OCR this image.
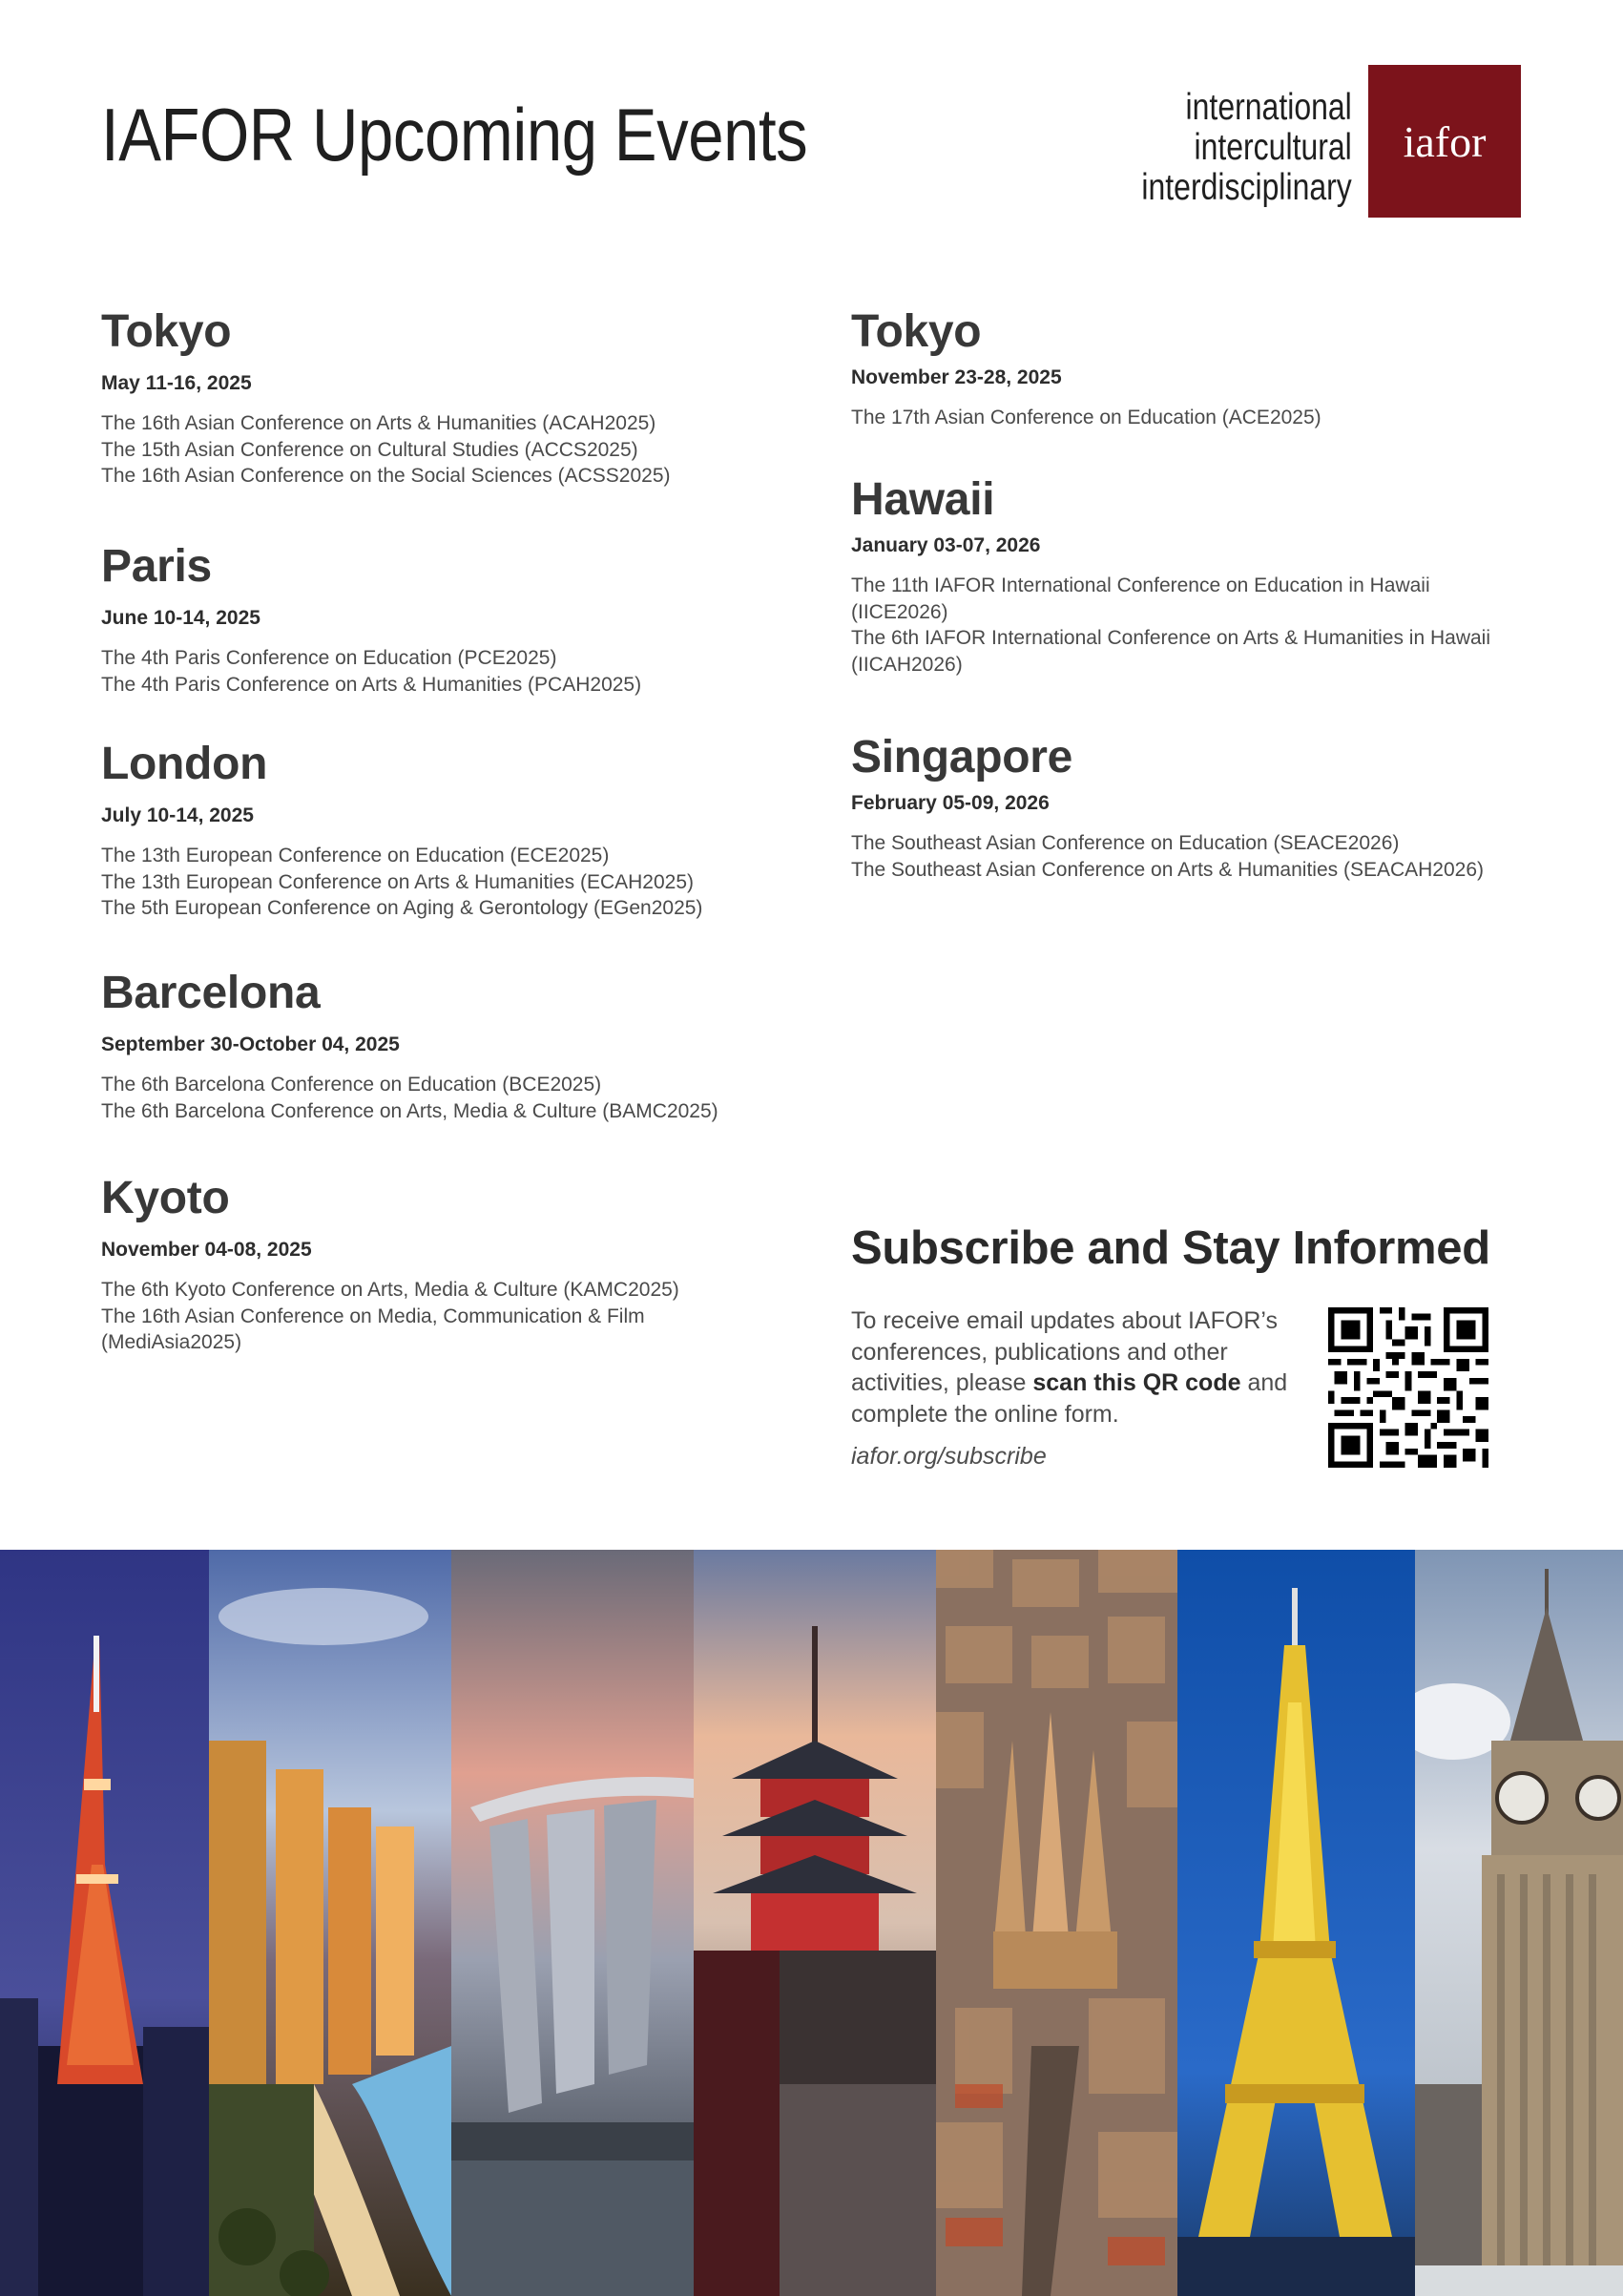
IAFOR Upcoming Events	international
intercultural
interdisciplinary
iafor
Tokyo
May 11-16, 2025
The 16th Asian Conference on Arts & Humanities (ACAH2025)
The 15th Asian Conference on Cultural Studies (ACCS2025)
The 16th Asian Conference on the Social Sciences (ACSS2025)
Paris
June 10-14, 2025
The 4th Paris Conference on Education (PCE2025)
The 4th Paris Conference on Arts & Humanities (PCAH2025)
London
July 10-14, 2025
The 13th European Conference on Education (ECE2025)
The 13th European Conference on Arts & Humanities (ECAH2025)
The 5th European Conference on Aging & Gerontology (EGen2025)
Barcelona
September 30-October 04, 2025
The 6th Barcelona Conference on Education (BCE2025)
The 6th Barcelona Conference on Arts, Media & Culture (BAMC2025)
Kyoto
November 04-08, 2025
The 6th Kyoto Conference on Arts, Media & Culture (KAMC2025)
The 16th Asian Conference on Media, Communication & Film (MediAsia2025)
Tokyo
November 23-28, 2025
The 17th Asian Conference on Education (ACE2025)
Hawaii
January 03-07, 2026
The 11th IAFOR International Conference on Education in Hawaii (IICE2026)
The 6th IAFOR International Conference on Arts & Humanities in Hawaii (IICAH2026)
Singapore
February 05-09, 2026
The Southeast Asian Conference on Education (SEACE2026)
The Southeast Asian Conference on Arts & Humanities (SEACAH2026)
Subscribe and Stay Informed
To receive email updates about IAFOR’s conferences, publications and other activities, please scan this QR code and complete the online form.
iafor.org/subscribe
